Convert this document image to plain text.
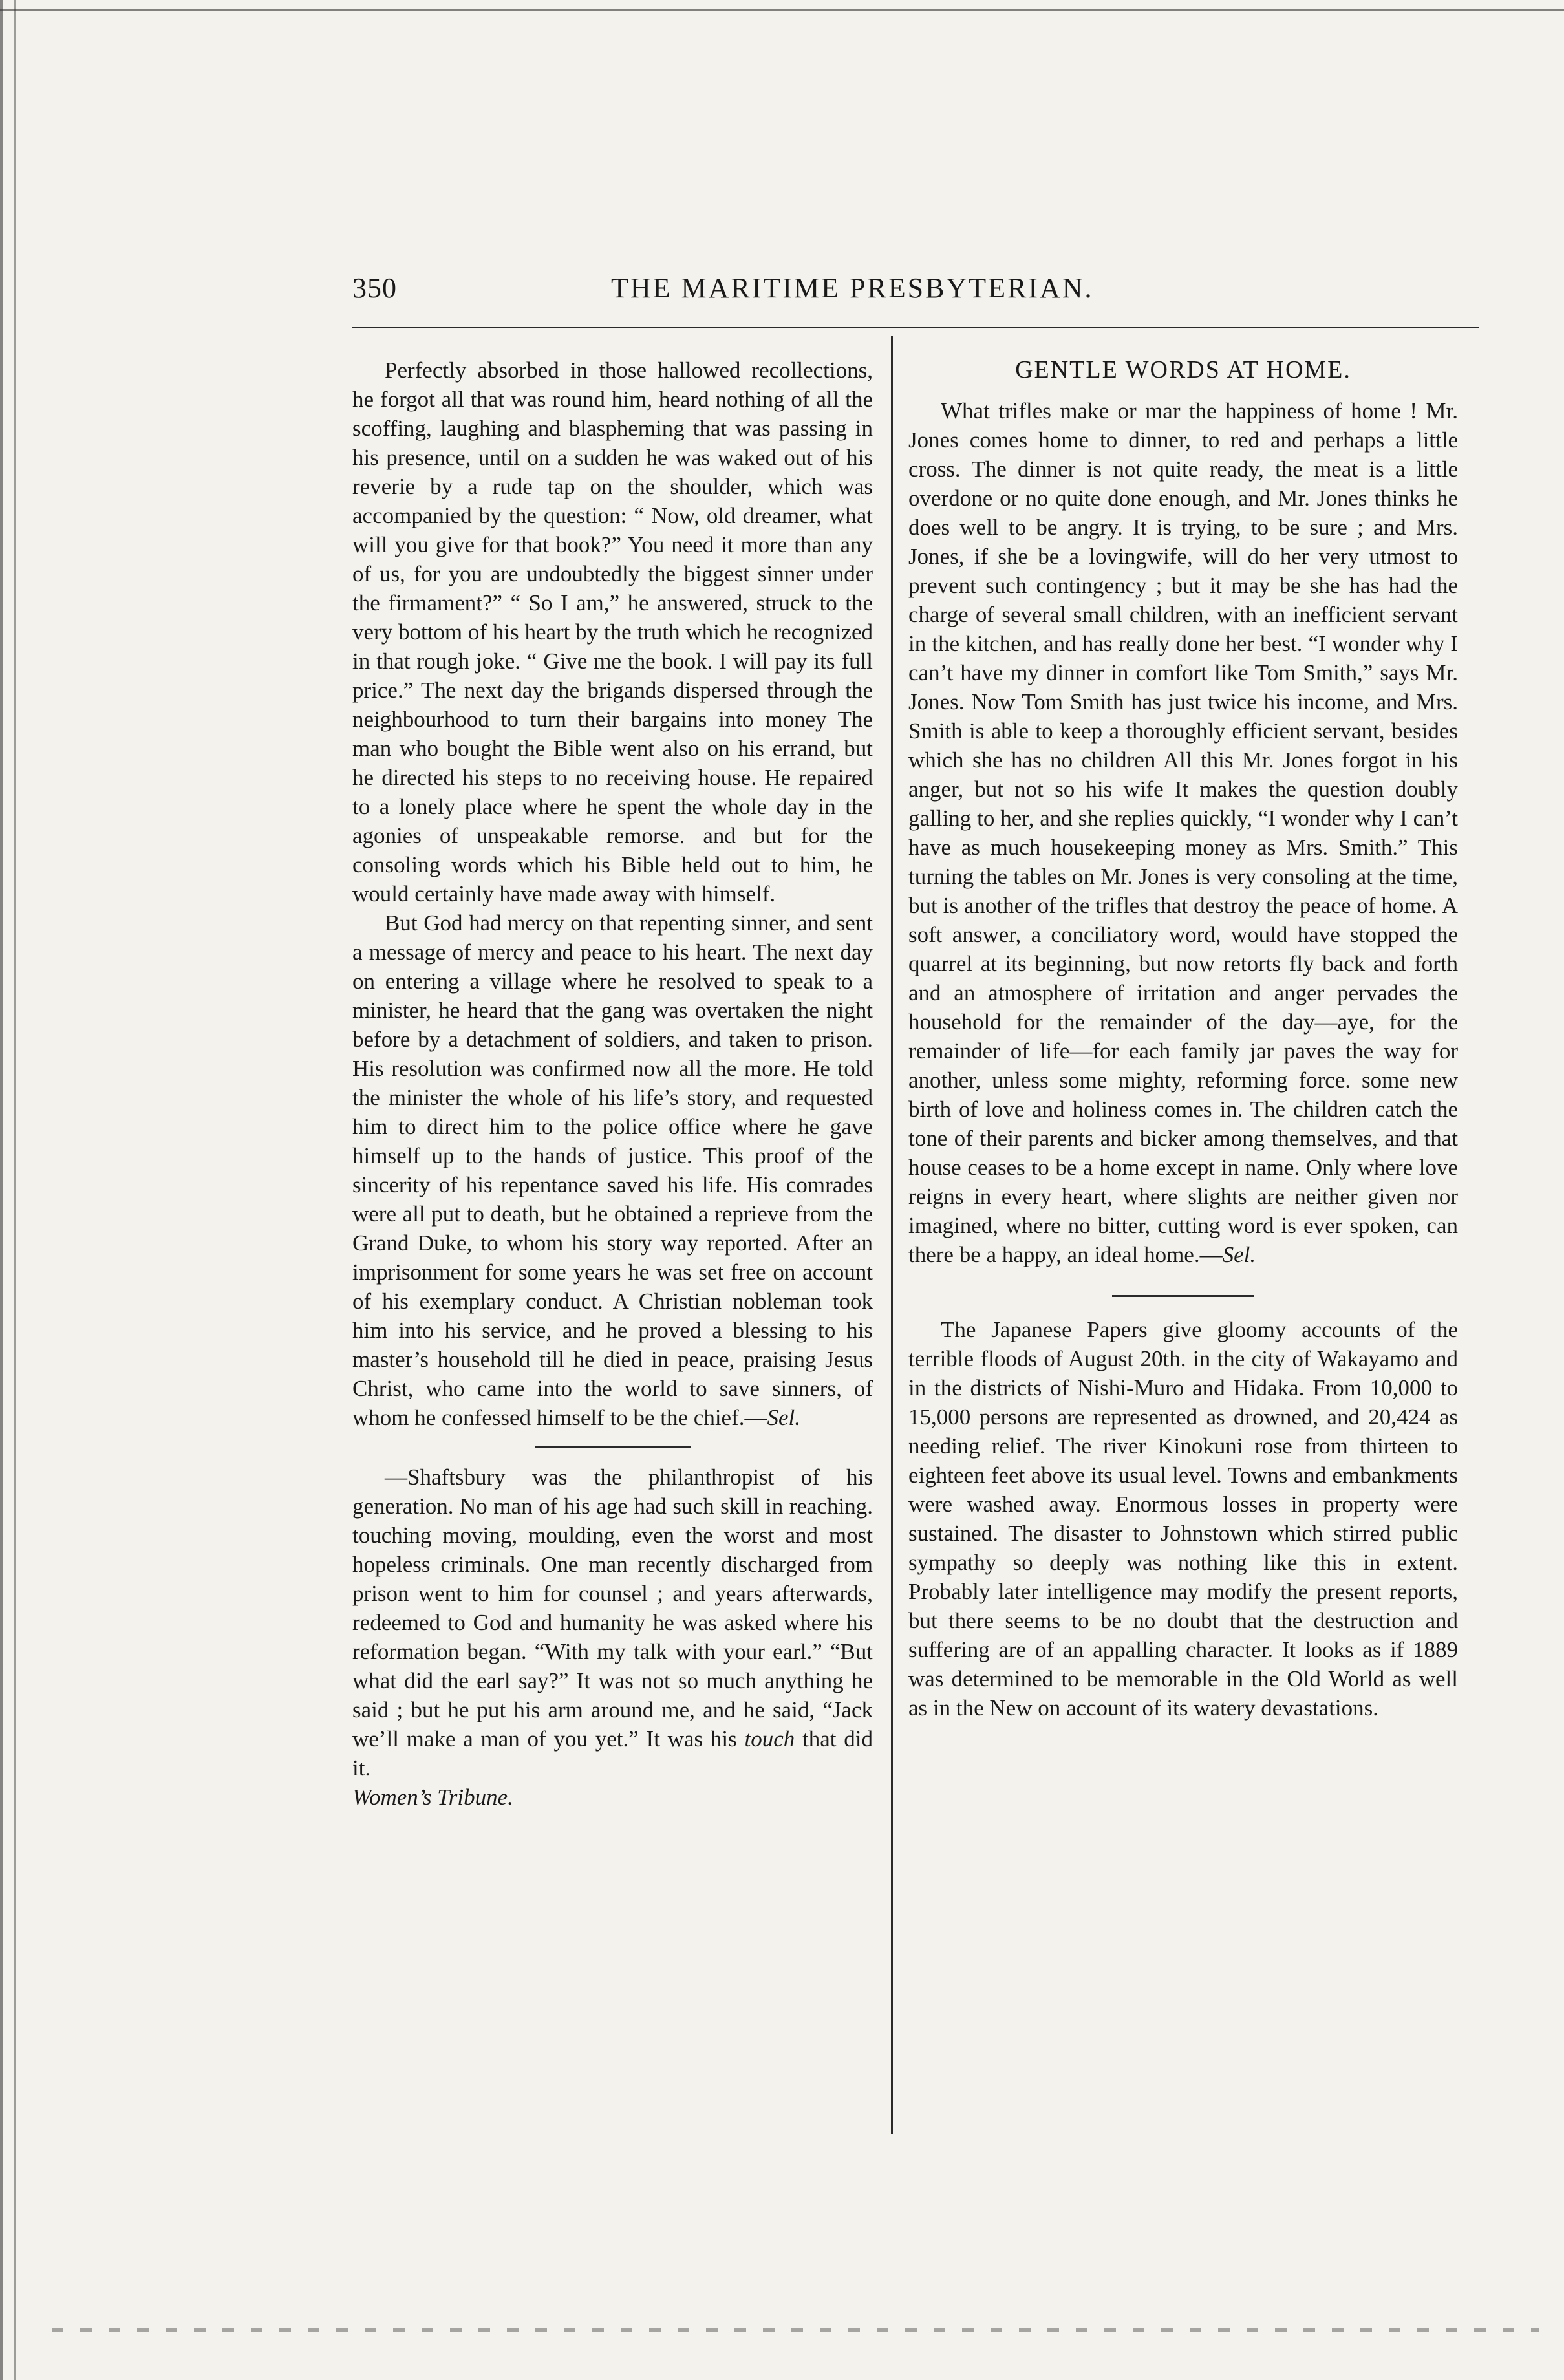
350	THE MARITIME PRESBYTERIAN.

Perfectly absorbed in those hallowed recollections, he forgot all that was round him, heard nothing of all the scoffing, laughing and blaspheming that was passing in his presence, until on a sudden he was waked out of his reverie by a rude tap on the shoulder, which was accompanied by the question: “ Now, old dreamer, what will you give for that book?” You need it more than any of us, for you are undoubtedly the biggest sinner under the firmament?” “ So I am,” he answered, struck to the very bottom of his heart by the truth which he recognized in that rough joke. “ Give me the book. I will pay its full price.” The next day the brigands dispersed through the neighbourhood to turn their bargains into money The man who bought the Bible went also on his errand, but he directed his steps to no receiving house. He repaired to a lonely place where he spent the whole day in the agonies of unspeakable remorse. and but for the consoling words which his Bible held out to him, he would certainly have made away with himself.

But God had mercy on that repenting sinner, and sent a message of mercy and peace to his heart. The next day on entering a village where he resolved to speak to a minister, he heard that the gang was overtaken the night before by a detachment of soldiers, and taken to prison. His resolution was confirmed now all the more. He told the minister the whole of his life’s story, and requested him to direct him to the police office where he gave himself up to the hands of justice. This proof of the sincerity of his repentance saved his life. His comrades were all put to death, but he obtained a reprieve from the Grand Duke, to whom his story way reported. After an imprisonment for some years he was set free on account of his exemplary conduct. A Christian nobleman took him into his service, and he proved a blessing to his master’s household till he died in peace, praising Jesus Christ, who came into the world to save sinners, of whom he confessed himself to be the chief.—Sel.

—Shaftsbury was the philanthropist of his generation. No man of his age had such skill in reaching. touching moving, moulding, even the worst and most hopeless criminals. One man recently discharged from prison went to him for counsel ; and years afterwards, redeemed to God and humanity he was asked where his reformation began. “With my talk with your earl.” “But what did the earl say?” It was not so much anything he said ; but he put his arm around me, and he said, “Jack we’ll make a man of you yet.” It was his touch that did it.
Women’s Tribune.

GENTLE WORDS AT HOME.

What trifles make or mar the happiness of home ! Mr. Jones comes home to dinner, to red and perhaps a little cross. The dinner is not quite ready, the meat is a little overdone or no quite done enough, and Mr. Jones thinks he does well to be angry. It is trying, to be sure ; and Mrs. Jones, if she be a lovingwife, will do her very utmost to prevent such contingency ; but it may be she has had the charge of several small children, with an inefficient servant in the kitchen, and has really done her best. “I wonder why I can’t have my dinner in comfort like Tom Smith,” says Mr. Jones. Now Tom Smith has just twice his income, and Mrs. Smith is able to keep a thoroughly efficient servant, besides which she has no children All this Mr. Jones forgot in his anger, but not so his wife It makes the question doubly galling to her, and she replies quickly, “I wonder why I can’t have as much housekeeping money as Mrs. Smith.” This turning the tables on Mr. Jones is very consoling at the time, but is another of the trifles that destroy the peace of home. A soft answer, a conciliatory word, would have stopped the quarrel at its beginning, but now retorts fly back and forth and an atmosphere of irritation and anger pervades the household for the remainder of the day—aye, for the remainder of life—for each family jar paves the way for another, unless some mighty, reforming force. some new birth of love and holiness comes in. The children catch the tone of their parents and bicker among themselves, and that house ceases to be a home except in name. Only where love reigns in every heart, where slights are neither given nor imagined, where no bitter, cutting word is ever spoken, can there be a happy, an ideal home.—Sel.

The Japanese Papers give gloomy accounts of the terrible floods of August 20th. in the city of Wakayamo and in the districts of Nishi-Muro and Hidaka. From 10,000 to 15,000 persons are represented as drowned, and 20,424 as needing relief. The river Kinokuni rose from thirteen to eighteen feet above its usual level. Towns and embankments were washed away. Enormous losses in property were sustained. The disaster to Johnstown which stirred public sympathy so deeply was nothing like this in extent. Probably later intelligence may modify the present reports, but there seems to be no doubt that the destruction and suffering are of an appalling character. It looks as if 1889 was determined to be memorable in the Old World as well as in the New on account of its watery devastations.
